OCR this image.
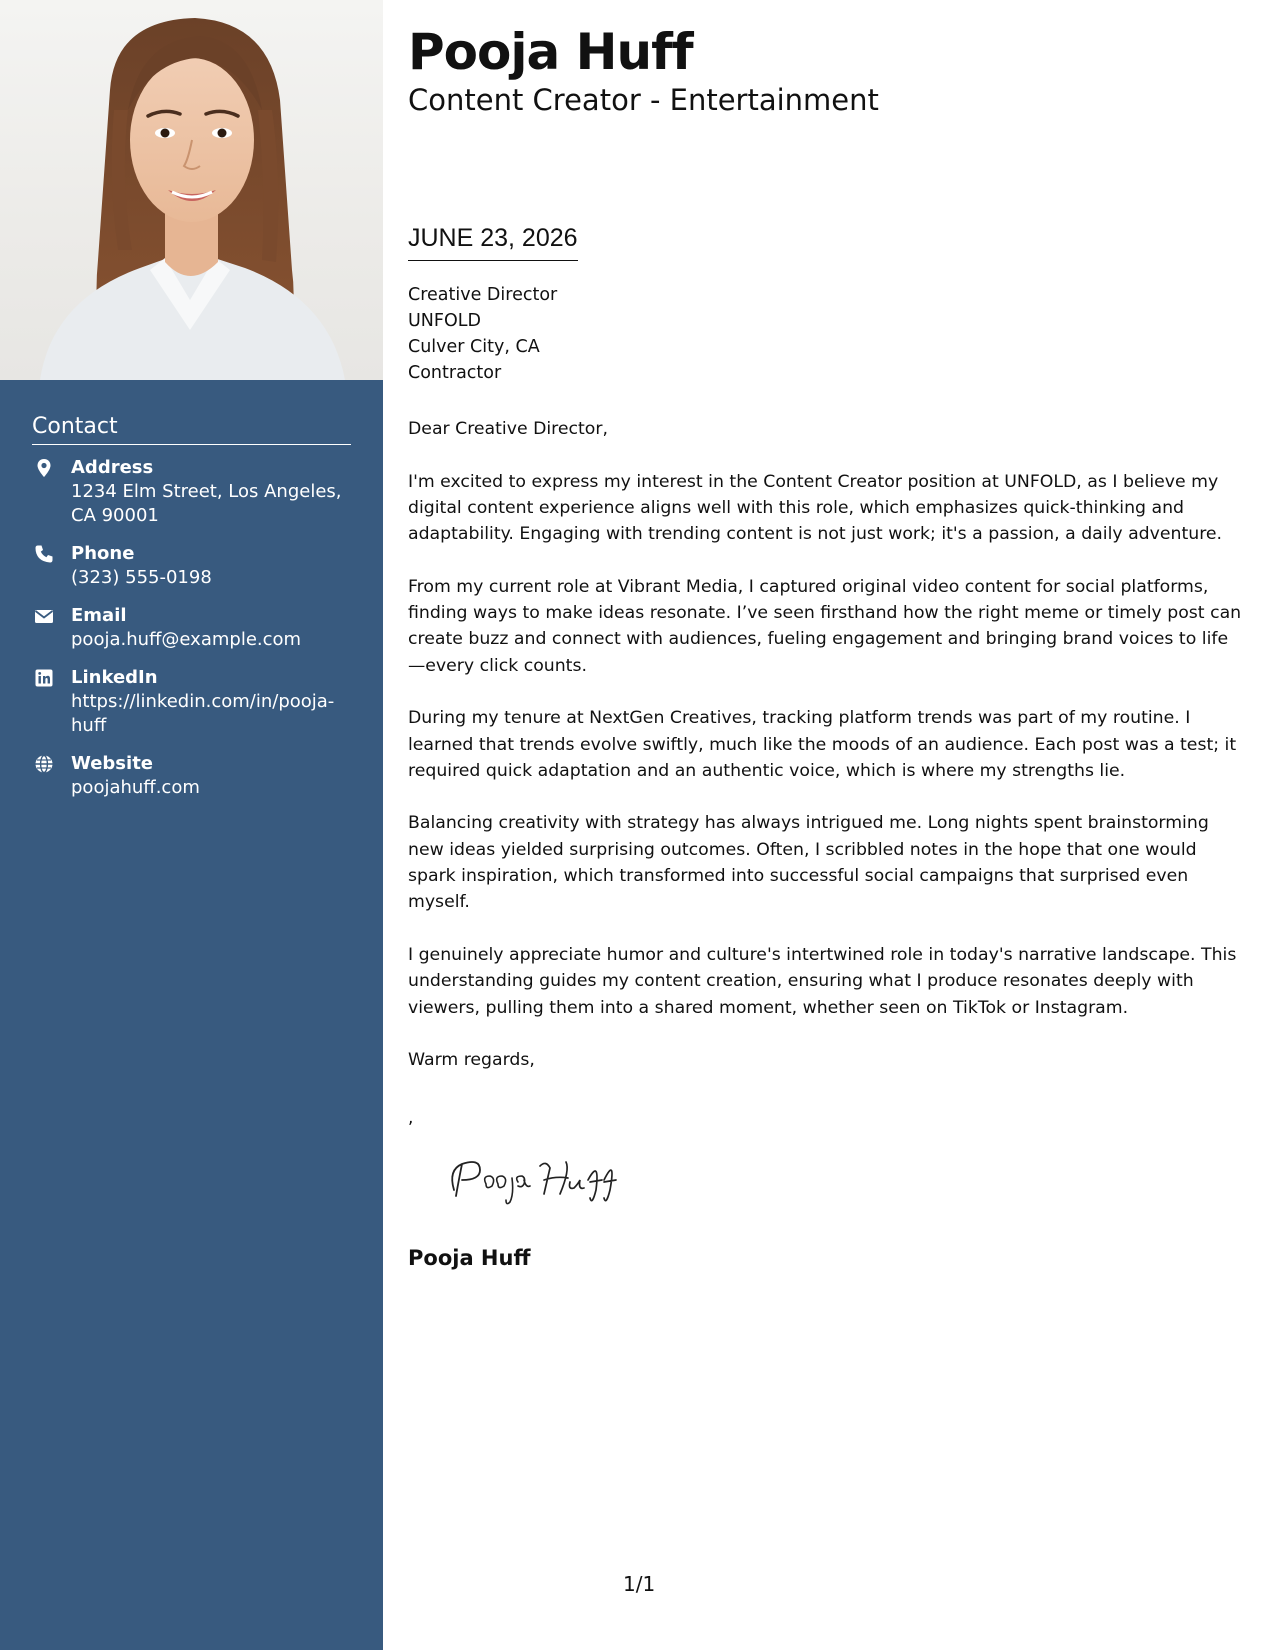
Contact
Address
1234 Elm Street, Los Angeles, CA 90001
Phone
(323) 555-0198
Email
pooja.huff@example.com
LinkedIn
https://linkedin.com/in/pooja-huff
Website
poojahuff.com
Pooja Huff
Content Creator - Entertainment
JUNE 23, 2026
Creative Director
UNFOLD
Culver City, CA
Contractor

Dear Creative Director,

I'm excited to express my interest in the Content Creator position at UNFOLD, as I believe my digital content experience aligns well with this role, which emphasizes quick-thinking and adaptability. Engaging with trending content is not just work; it's a passion, a daily adventure.

From my current role at Vibrant Media, I captured original video content for social platforms, finding ways to make ideas resonate. I’ve seen firsthand how the right meme or timely post can create buzz and connect with audiences, fueling engagement and bringing brand voices to life—every click counts.

During my tenure at NextGen Creatives, tracking platform trends was part of my routine. I learned that trends evolve swiftly, much like the moods of an audience. Each post was a test; it required quick adaptation and an authentic voice, which is where my strengths lie.

Balancing creativity with strategy has always intrigued me. Long nights spent brainstorming new ideas yielded surprising outcomes. Often, I scribbled notes in the hope that one would spark inspiration, which transformed into successful social campaigns that surprised even myself.

I genuinely appreciate humor and culture's intertwined role in today's narrative landscape. This understanding guides my content creation, ensuring what I produce resonates deeply with viewers, pulling them into a shared moment, whether seen on TikTok or Instagram.

Warm regards,

,
Pooja Huff
1/1
